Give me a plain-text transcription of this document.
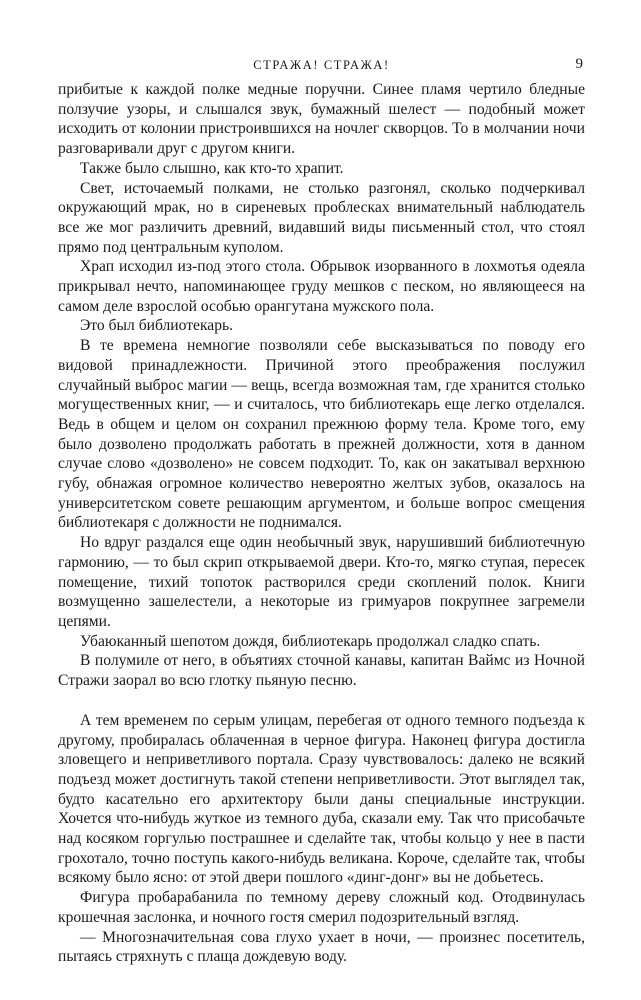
СТРАЖА! СТРАЖА!	9

прибитые к каждой полке медные поручни. Синее пламя чертило бледные ползучие узоры, и слышался звук, бумажный шелест — подобный может исходить от колонии пристроившихся на ночлег скворцов. То в молчании ночи разговаривали друг с другом книги.

Также было слышно, как кто-то храпит.

Свет, источаемый полками, не столько разгонял, сколько подчеркивал окружающий мрак, но в сиреневых проблесках внимательный наблюдатель все же мог различить древний, видавший виды письменный стол, что стоял прямо под центральным куполом.

Храп исходил из-под этого стола. Обрывок изорванного в лохмотья одеяла прикрывал нечто, напоминающее груду мешков с песком, но являющееся на самом деле взрослой особью орангутана мужского пола.

Это был библиотекарь.

В те времена немногие позволяли себе высказываться по поводу его видовой принадлежности. Причиной этого преображения послужил случайный выброс магии — вещь, всегда возможная там, где хранится столько могущественных книг, — и считалось, что библиотекарь еще легко отделался. Ведь в общем и целом он сохранил прежнюю форму тела. Кроме того, ему было дозволено продолжать работать в прежней должности, хотя в данном случае слово «дозволено» не совсем подходит. То, как он закатывал верхнюю губу, обнажая огромное количество невероятно желтых зубов, оказалось на университетском совете решающим аргументом, и больше вопрос смещения библиотекаря с должности не поднимался.

Но вдруг раздался еще один необычный звук, нарушивший библиотечную гармонию, — то был скрип открываемой двери. Кто-то, мягко ступая, пересек помещение, тихий топоток растворился среди скоплений полок. Книги возмущенно зашелестели, а некоторые из гримуаров покрупнее загремели цепями.

Убаюканный шепотом дождя, библиотекарь продолжал сладко спать.

В полумиле от него, в объятиях сточной канавы, капитан Ваймс из Ночной Стражи заорал во всю глотку пьяную песню.

А тем временем по серым улицам, перебегая от одного темного подъезда к другому, пробиралась облаченная в черное фигура. Наконец фигура достигла зловещего и неприветливого портала. Сразу чувствовалось: далеко не всякий подъезд может достигнуть такой степени неприветливости. Этот выглядел так, будто касательно его архитектору были даны специальные инструкции. Хочется что-нибудь жуткое из темного дуба, сказали ему. Так что присобачьте над косяком горгулью пострашнее и сделайте так, чтобы кольцо у нее в пасти грохотало, точно поступь какого-нибудь великана. Короче, сделайте так, чтобы всякому было ясно: от этой двери пошлого «динг-донг» вы не добьетесь.

Фигура пробарабанила по темному дереву сложный код. Отодвинулась крошечная заслонка, и ночного гостя смерил подозрительный взгляд.

— Многозначительная сова глухо ухает в ночи, — произнес посетитель, пытаясь стряхнуть с плаща дождевую воду.
